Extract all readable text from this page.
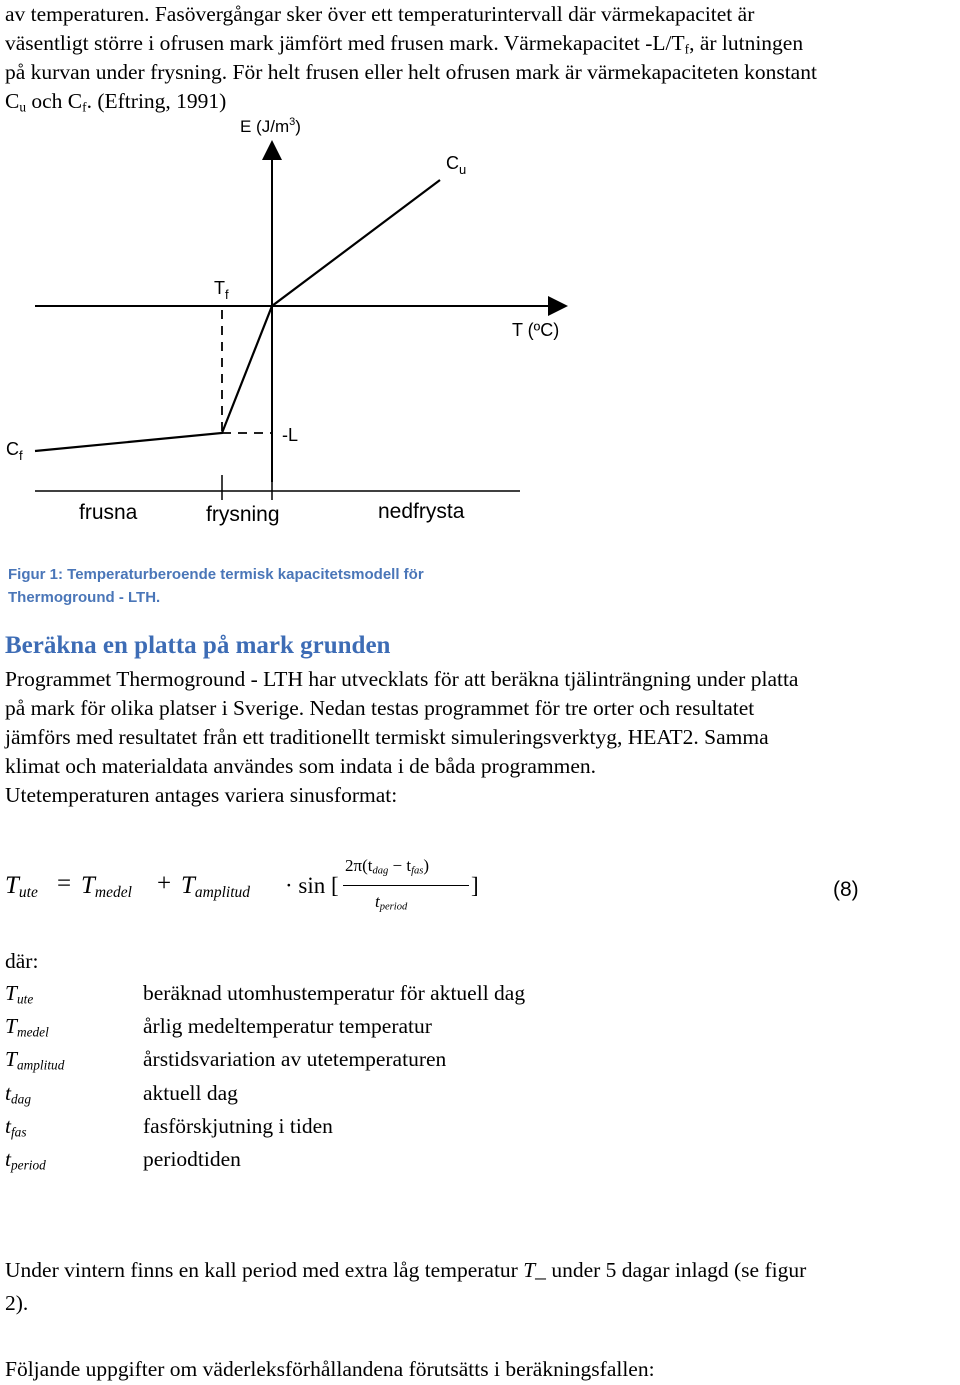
av temperaturen. Fasövergångar sker över ett temperaturintervall där värmekapacitet är
väsentligt större i ofrusen mark jämfört med frusen mark. Värmekapacitet $-L/T_f$, är lutningen
på kurvan under frysning. För helt frusen eller helt ofrusen mark är värmekapaciteten konstant
$C_u$ och $C_f$. (Eftring, 1991)
E $(J/m^3)$
$C_u$
$T_f$
T (ºC)
$C_f$
-L
frusna	frysning	nedfrysta
Figur 1: Temperaturberoende termisk kapacitetsmodell för
Thermoground - LTH.
Beräkna en platta på mark grunden
Programmet Thermoground - LTH har utvecklats för att beräkna tjälinträngning under platta
på mark för olika platser i Sverige. Nedan testas programmet för tre orter och resultatet
jämförs med resultatet från ett traditionellt termiskt simuleringsverktyg, HEAT2. Samma
klimat och materialdata användes som indata i de båda programmen.
Utetemperaturen antages variera sinusformat:
$T_{ute} = T_{medel} + T_{amplitud} \cdot \sin$ [
$2\pi(t_{dag} - t_{fas})$
$t_{period}$
]	(8)
där:
$T_{ute}$	beräknad utomhustemperatur för aktuell dag
$T_{medel}$	årlig medeltemperatur temperatur
$T_{amplitud}$	årstidsvariation av utetemperaturen
$t_{dag}$	aktuell dag
$t_{fas}$	fasförskjutning i tiden
$t_{period}$	periodtiden
Under vintern finns en kall period med extra låg temperatur T_ under 5 dagar inlagd (se figur
2).
Följande uppgifter om väderleksförhållandena förutsätts i beräkningsfallen:
